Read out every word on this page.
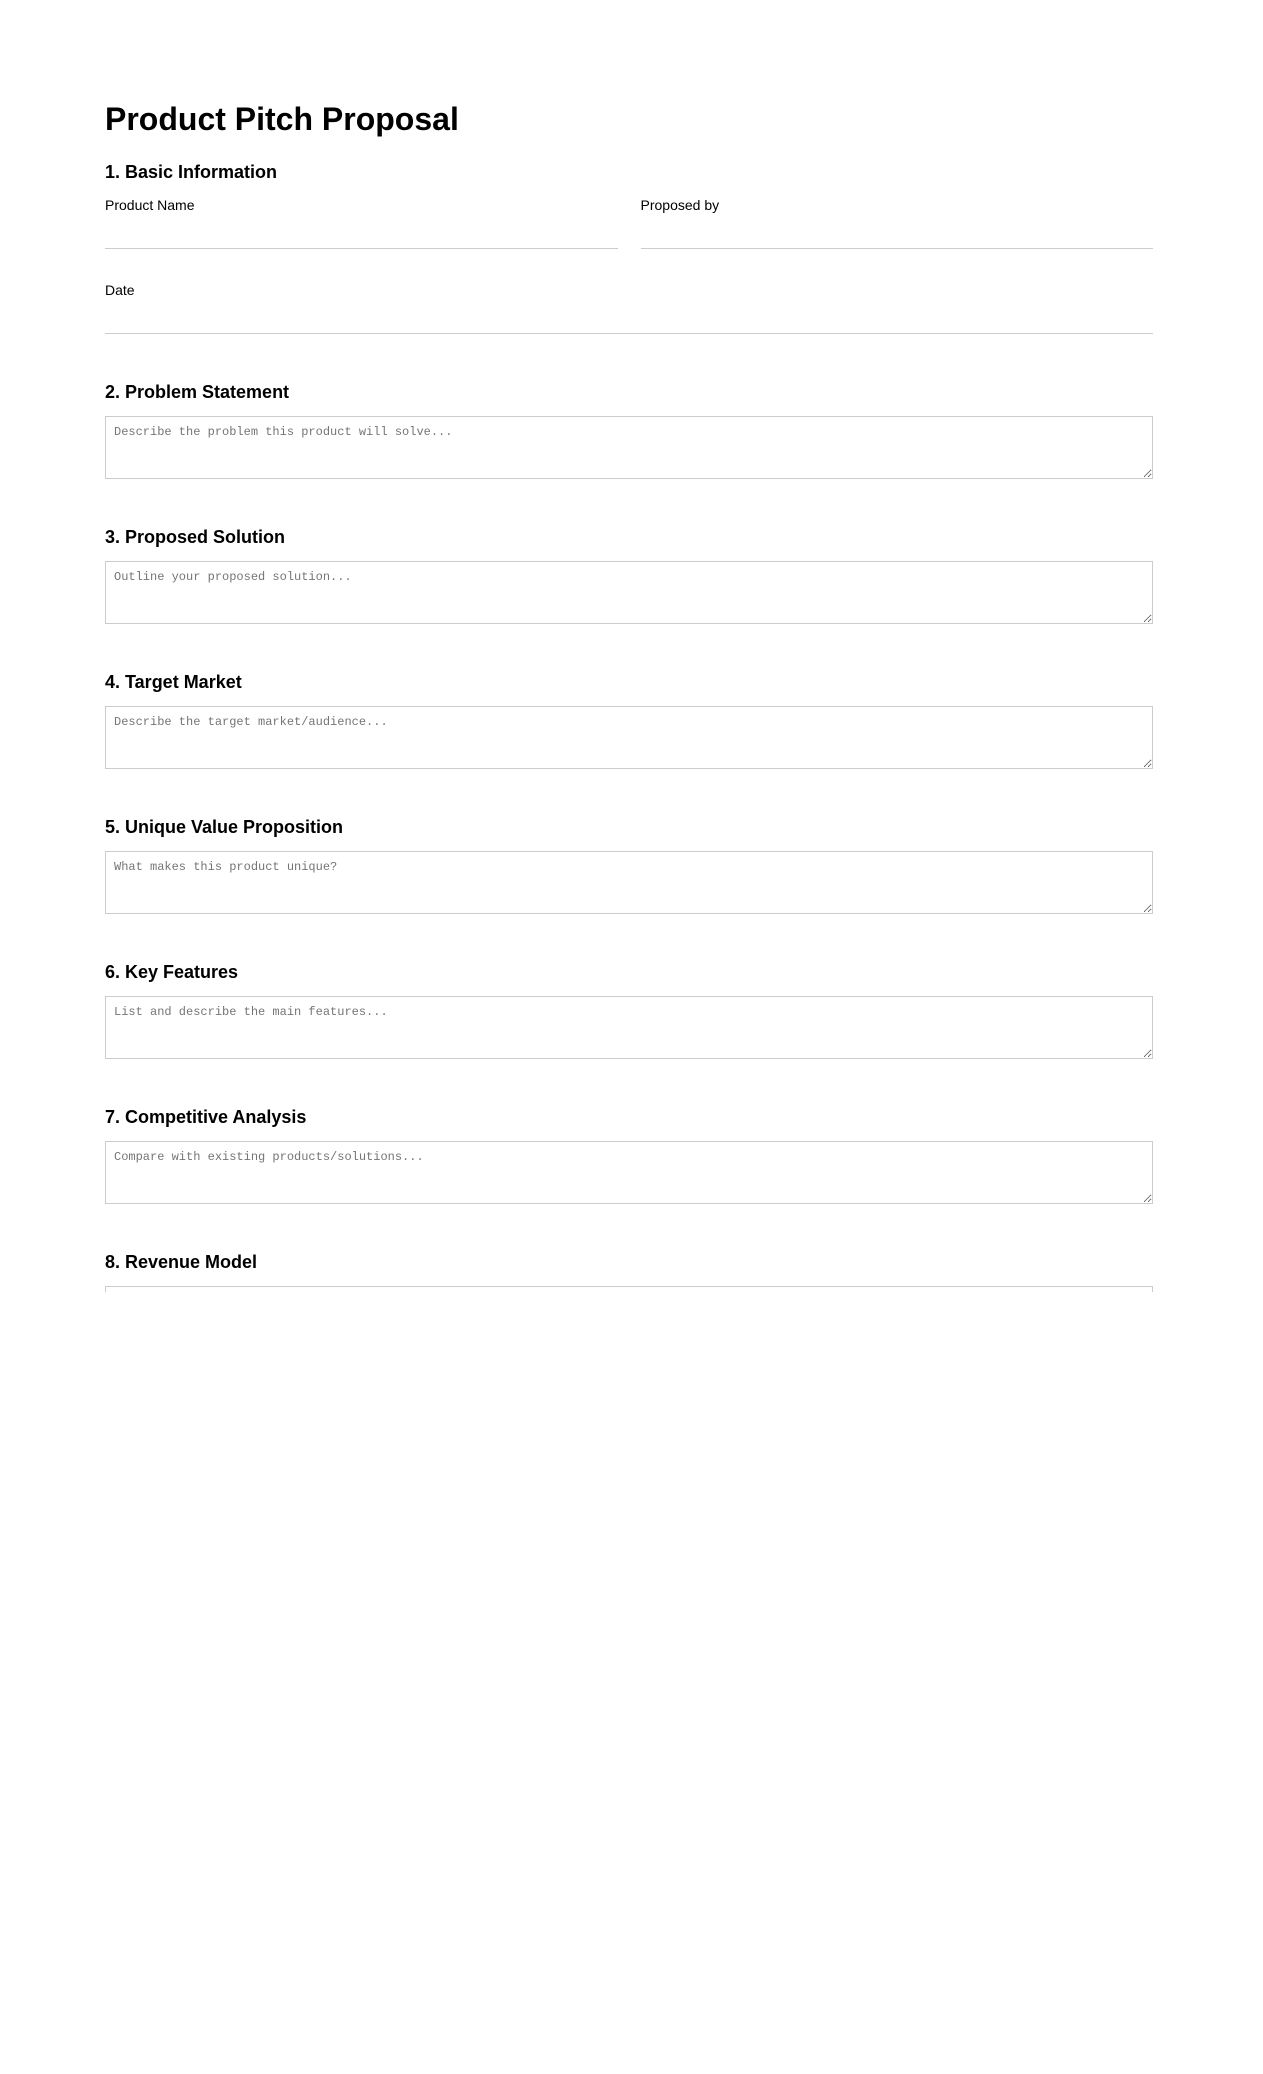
Product Pitch Proposal
1. Basic Information
Product Name	Proposed by
Date
2. Problem Statement
Describe the problem this product will solve...
3. Proposed Solution
Outline your proposed solution...
4. Target Market
Describe the target market/audience...
5. Unique Value Proposition
What makes this product unique?
6. Key Features
List and describe the main features...
7. Competitive Analysis
Compare with existing products/solutions...
8. Revenue Model
